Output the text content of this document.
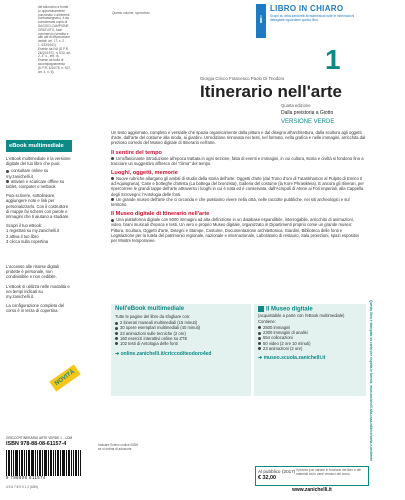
del talloncino a fronte
(o opportunamente
punzonato o altrimenti
contrassegnato), è da
considerarsi copia di
SAGGIO-CAMPIONE
GRATUITO, fuori
commercio (vendita e
altri atti di disposizione
vietati: art. 17, c. 2
L. 633/1941).
Esente da IVA (D.P.R.
26/10/1972, n. 633, art.
2, 3° c., lett. d).
Esente da bolla di
accompagnamento
(D.P.R. 6/10/78, n. 627,
art. 4, n. 6).
Questo volume, sprovvisto
i
LIBRO IN CHIARO
Scopri su www.zanichelli.it/chiaroebook tutte le informazioni dettagliate riguardanti questo libro.
1
Giorgio Cricco Francesco Paolo Di Teodoro
Itinerario nell'arte
Quarta edizione
Dalla preistoria a Giotto
VERSIONE VERDE
eBook multimediale
L'eBook multimediale è la versione digitale del tuo libro che puoi:
consultare online su my.zanichelli.it
attivare e scaricare offline su tablet, computer e netbook
Puoi scrivere, sottolineare, aggiungere note e link per personalizzarlo. Con il costruttore di mappe fai schemi con parole e immagini che ti aiutano a studiare.
Scopri il tuo eBook:
1 registrati su my.zanichelli.it
2 attiva il tuo libro
3 clicca sulla copertina
L'accesso alle risorse digitali protette è personale, non condivisibile e non cedibile.
L'eBook si utilizza nelle modalità e nei tempi indicati su my.zanichelli.it.
La configurazione completa del corso è in terza di copertina.
NOVITÀ
Un testo aggiornato, completo e versatile che spazia organicamente dalla pittura e dal disegno all'architettura, dalla scultura agli oggetti d'arte, dall'arte del costume alla moda, ai giardini. Un'edizione rinnovata nei testi, nel formato, nella grafica e nelle immagini, arricchita dal prezioso corredo del Museo digitale di Itinerario nell'arte.
Il sentire del tempo
Un'affascinante introduzione all'epoca trattata in ogni sezione, fatta di eventi e immagini, in cui cultura, storia e civiltà si fondono fino a tracciare un suggestivo affresco del "clima" del tempo.
Luoghi, oggetti, memorie
Nuove rubriche allargano gli ambiti di studio della storia dell'arte: Oggetti d'arte (dal Trono d'oro di Tutankhamon al Pulpito di Enrico II ad Aquisgrana), Case e botteghe d'artista (La bottega del bronzista), Galleria del costume (la Kore Phrasikleia). E ancora gli Itinerari, per ripercorrere le grandi tappe dell'arte attraverso i luoghi in cui è nata ed è conservata, dall'Acropoli di Atene ai Fori imperiali, alla Cappella degli Scrovegni; l'Antologia delle fonti.
Un grande museo dell'arte che ci circonda e che possiamo vivere nella città, nelle raccolte pubbliche, nei siti archeologici e sul territorio.
Il Museo digitale di Itinerario nell'arte
Una piattaforma digitale con 5000 immagini ad alta definizione in un database espandibile, interrogabile, arricchito di animazioni, video, brani musicali d'epoca e testi. Un vero e proprio Museo digitale, organizzato in Dipartimenti proprio come un grande museo: Pittura, Scultura, Oggetti d'arte, Disegni e Stampe, Costume, Documentazione architettonica, Giardini, Biblioteca delle fonti e Legislazione per la tutela del patrimonio regionale, nazionale e internazionale, Laboratorio di restauro, Sala proiezioni, spazi espositivi per Mostre temporanee.
Nell'eBook multimediale
Tutte le pagine del libro da sfogliare con:
2 itinerari museali multimediali (15 minuti)
30 opere esemplari multimediali (40 minuti)
23 animazioni sulle tecniche (2 ore)
160 esercizi interattivi online su ZTE
102 testi di Antologia delle fonti
➜ online.zanichelli.it/criccoditeodoro4ed
Il Museo digitale
(acquistabile a parte con l'eBook multimediale)
Contiene:
2500 immagini
2300 immagini di analisi
554 collocazioni
50 video (2 ore 10 minuti)
23 animazioni (2 ore)
➜ museo.scuola.zanichelli.it
GRICCO*ITINERARIO ARTE VERDE 1 ...LDM
ISBN 978-88-08-61157-4
9 788808 611574
Indicare l'intero codice ISBN se si ordina di adozione
4 5 6 7 8 9 0 1 2 (60N)
Al pubblico (2017)
€ 32,00
Il prezzo può variare in funzione del libro e dei materiali tra le varie versioni del corso.
www.zanichelli.it
Questo libro è stampato su carta che rispetta le foreste. www.zanichelli.it/la-casa-editrice/carta-e-ambiente
